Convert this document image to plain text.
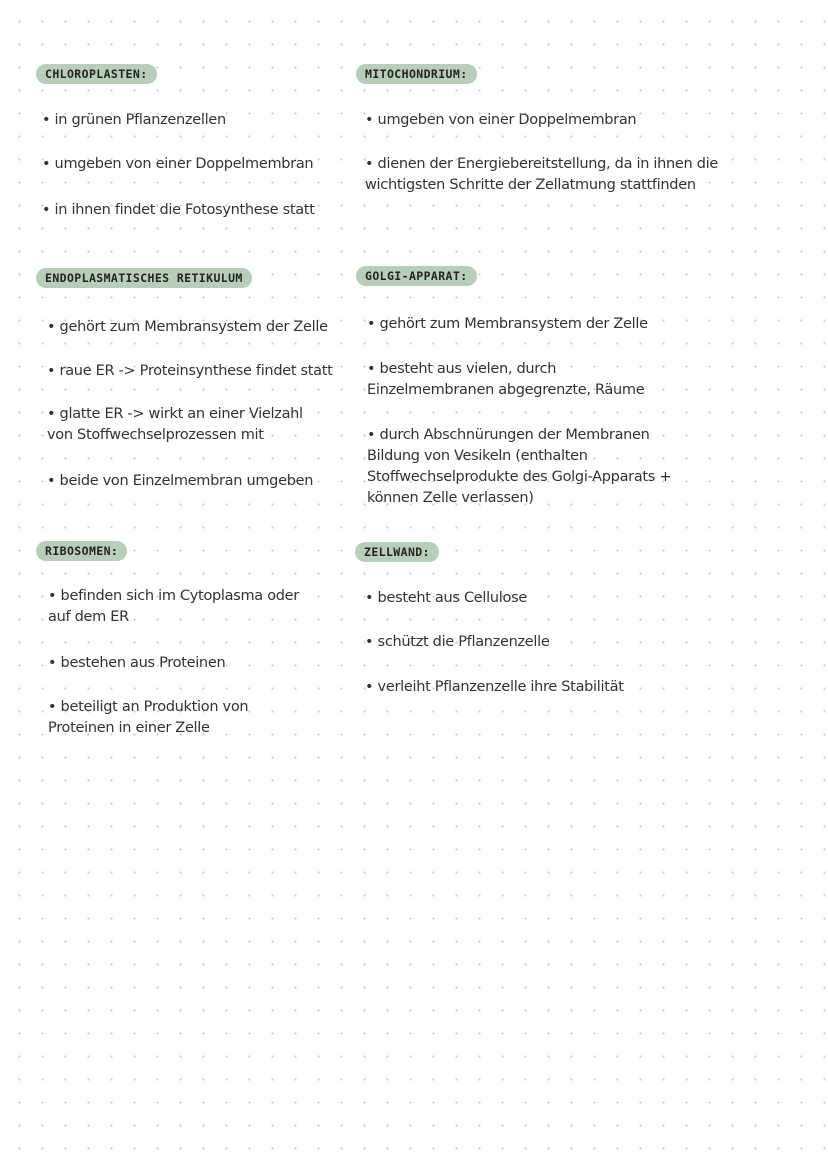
CHLOROPLASTEN:
• in grünen Pflanzenzellen
• umgeben von einer Doppelmembran
• in ihnen findet die Fotosynthese statt
MITOCHONDRIUM:
• umgeben von einer Doppelmembran
• dienen der Energiebereitstellung, da in ihnen die wichtigsten Schritte der Zellatmung stattfinden
ENDOPLASMATISCHES RETIKULUM
• gehört zum Membransystem der Zelle
• raue ER -> Proteinsynthese findet statt
• glatte ER -> wirkt an einer Vielzahl von Stoffwechselprozessen mit
• beide von Einzelmembran umgeben
GOLGI-APPARAT:
• gehört zum Membransystem der Zelle
• besteht aus vielen, durch Einzelmembranen abgegrenzte, Räume
• durch Abschnürungen der Membranen Bildung von Vesikeln (enthalten Stoffwechselprodukte des Golgi-Apparats + können Zelle verlassen)
RIBOSOMEN:
• befinden sich im Cytoplasma oder auf dem ER
• bestehen aus Proteinen
• beteiligt an Produktion von Proteinen in einer Zelle
ZELLWAND:
• besteht aus Cellulose
• schützt die Pflanzenzelle
• verleiht Pflanzenzelle ihre Stabilität
